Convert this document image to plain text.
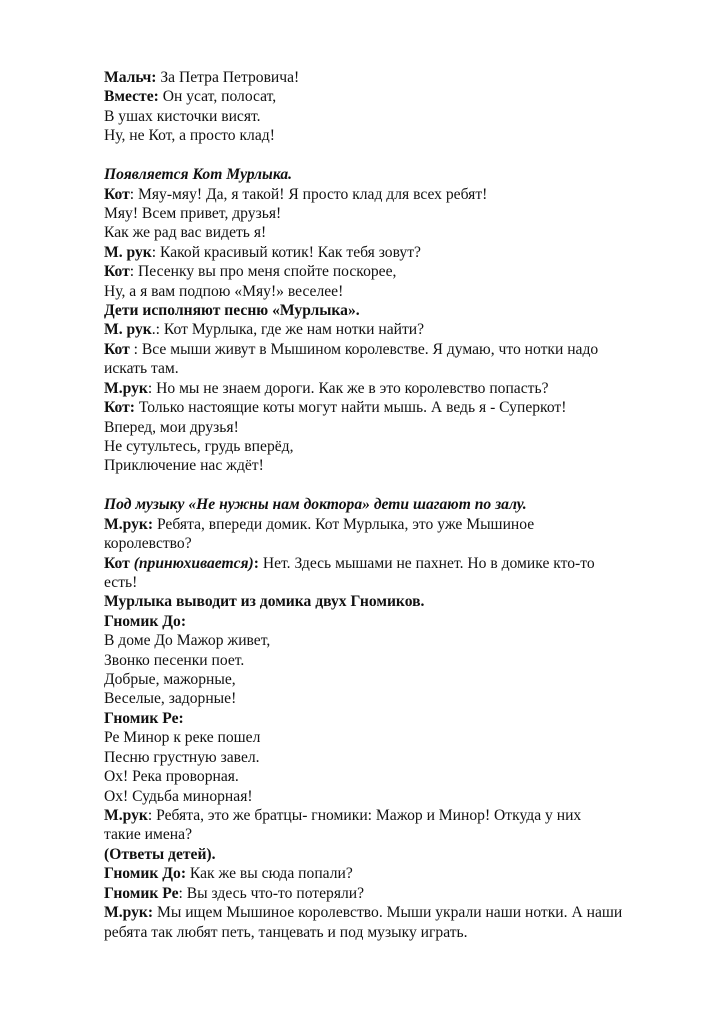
Мальч: За Петра Петровича!
Вместе: Он усат, полосат,
В ушах кисточки висят.
Ну, не Кот, а просто клад!
Появляется Кот Мурлыка.
Кот: Мяу-мяу! Да, я такой! Я просто клад для всех ребят!
Мяу! Всем привет, друзья!
Как же рад вас видеть я!
М. рук: Какой красивый котик! Как тебя зовут?
Кот: Песенку вы про меня спойте поскорее,
Ну, а я вам подпою «Мяу!» веселее!
Дети исполняют песню «Мурлыка».
М. рук.: Кот Мурлыка, где же нам нотки найти?
Кот : Все мыши живут в Мышином королевстве. Я думаю, что нотки надо
искать там.
М.рук: Но мы не знаем дороги. Как же в это королевство попасть?
Кот: Только настоящие коты могут найти мышь. А ведь я - Суперкот!
Вперед, мои друзья!
Не сутультесь, грудь вперёд,
Приключение нас ждёт!
Под музыку «Не нужны нам доктора» дети шагают по залу.
М.рук: Ребята, впереди домик. Кот Мурлыка, это уже Мышиное
королевство?
Кот (принюхивается): Нет. Здесь мышами не пахнет. Но в домике кто-то
есть!
Мурлыка выводит из домика двух Гномиков.
Гномик До:
В доме До Мажор живет,
Звонко песенки поет.
Добрые, мажорные,
Веселые, задорные!
Гномик Ре:
Ре Минор к реке пошел
Песню грустную завел.
Ох! Река проворная.
Ох! Судьба минорная!
М.рук: Ребята, это же братцы- гномики: Мажор и Минор! Откуда у них
такие имена?
(Ответы детей).
Гномик До: Как же вы сюда попали?
Гномик Ре: Вы здесь что-то потеряли?
М.рук: Мы ищем Мышиное королевство. Мыши украли наши нотки. А наши
ребята так любят петь, танцевать и под музыку играть.
